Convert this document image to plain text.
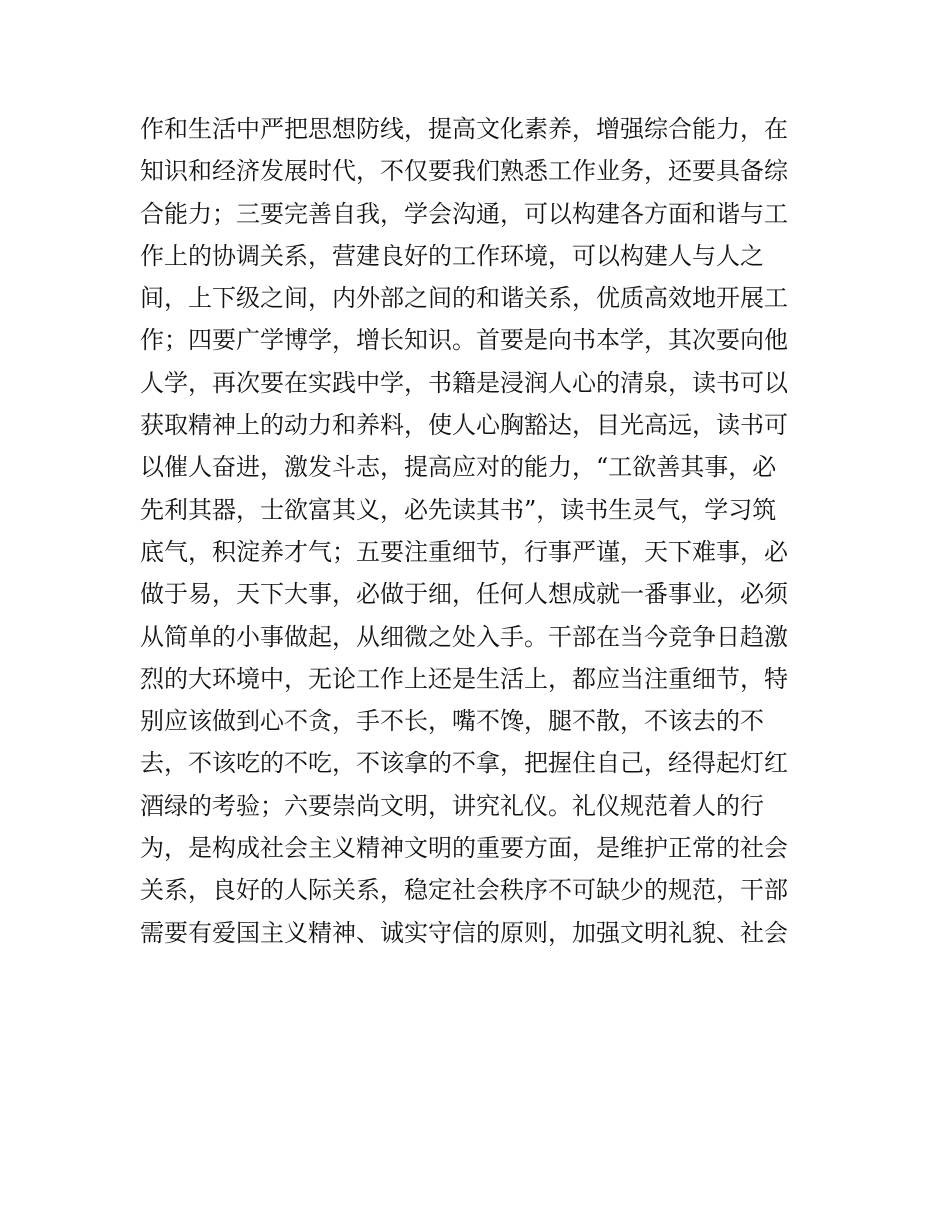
作和生活中严把思想防线，提高文化素养，增强综合能力，在
知识和经济发展时代，不仅要我们熟悉工作业务，还要具备综
合能力；三要完善自我，学会沟通，可以构建各方面和谐与工
作上的协调关系，营建良好的工作环境，可以构建人与人之
间，上下级之间，内外部之间的和谐关系，优质高效地开展工
作；四要广学博学，增长知识。首要是向书本学，其次要向他
人学，再次要在实践中学，书籍是浸润人心的清泉，读书可以
获取精神上的动力和养料，使人心胸豁达，目光高远，读书可
以催人奋进，激发斗志，提高应对的能力，“工欲善其事，必
先利其器，士欲富其义，必先读其书”，读书生灵气，学习筑
底气，积淀养才气；五要注重细节，行事严谨，天下难事，必
做于易，天下大事，必做于细，任何人想成就一番事业，必须
从简单的小事做起，从细微之处入手。干部在当今竞争日趋激
烈的大环境中，无论工作上还是生活上，都应当注重细节，特
别应该做到心不贪，手不长，嘴不馋，腿不散，不该去的不
去，不该吃的不吃，不该拿的不拿，把握住自己，经得起灯红
酒绿的考验；六要崇尚文明，讲究礼仪。礼仪规范着人的行
为，是构成社会主义精神文明的重要方面，是维护正常的社会
关系，良好的人际关系，稳定社会秩序不可缺少的规范，干部
需要有爱国主义精神、诚实守信的原则，加强文明礼貌、社会
